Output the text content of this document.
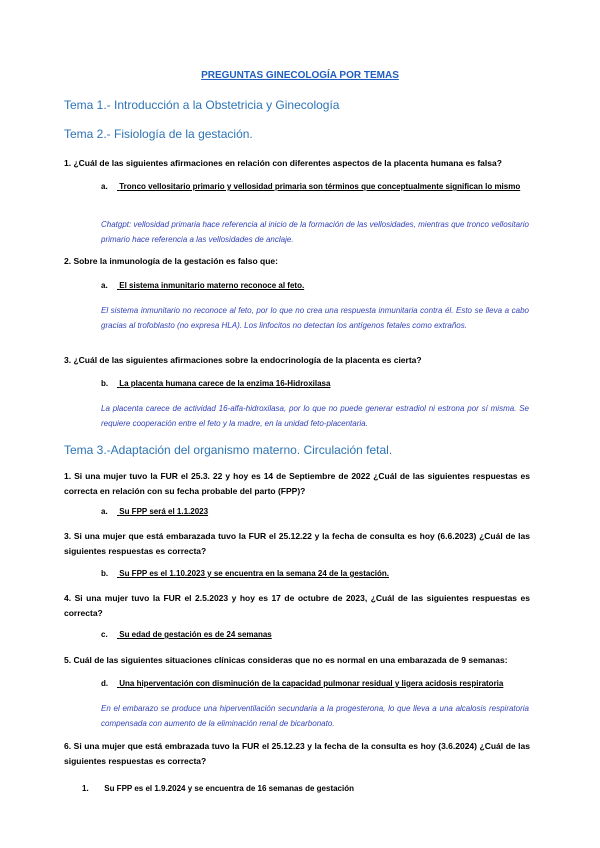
PREGUNTAS GINECOLOGÍA POR TEMAS
Tema 1.- Introducción a la Obstetricia y Ginecología
Tema 2.- Fisiología de la gestación.
1. ¿Cuál de las siguientes afirmaciones en relación con diferentes aspectos de la placenta humana es falsa?
a. Tronco vellositario primario y vellosidad primaria son términos que conceptualmente significan lo mismo
Chatgpt: vellosidad primaria hace referencia al inicio de la formación de las vellosidades, mientras que tronco vellositario primario hace referencia a las vellosidades de anclaje.
2. Sobre la inmunología de la gestación es falso que:
a. El sistema inmunitario materno reconoce al feto.
El sistema inmunitario no reconoce al feto, por lo que no crea una respuesta inmunitaria contra él. Esto se lleva a cabo gracias al trofoblasto (no expresa HLA). Los linfocitos no detectan los antígenos fetales como extraños.
3. ¿Cuál de las siguientes afirmaciones sobre la endocrinología de la placenta es cierta?
b. La placenta humana carece de la enzima 16-Hidroxilasa
La placenta carece de actividad 16-alfa-hidroxilasa, por lo que no puede generar estradiol ni estrona por sí misma. Se requiere cooperación entre el feto y la madre, en la unidad feto-placentaria.
Tema 3.-Adaptación del organismo materno. Circulación fetal.
1. Si una mujer tuvo la FUR el 25.3. 22 y hoy es 14 de Septiembre de 2022 ¿Cuál de las siguientes respuestas es correcta en relación con su fecha probable del parto (FPP)?
a. Su FPP será el 1.1.2023
3. Si una mujer que está embarazada tuvo la FUR el 25.12.22 y la fecha de consulta es hoy (6.6.2023) ¿Cuál de las siguientes respuestas es correcta?
b. Su FPP es el 1.10.2023 y se encuentra en la semana 24 de la gestación.
4. Si una mujer tuvo la FUR el 2.5.2023 y hoy es 17 de octubre de 2023, ¿Cuál de las siguientes respuestas es correcta?
c. Su edad de gestación es de 24 semanas
5. Cuál de las siguientes situaciones clínicas consideras que no es normal en una embarazada de 9 semanas:
d. Una hiperventación con disminución de la capacidad pulmonar residual y ligera acidosis respiratoria
En el embarazo se produce una hiperventilación secundaria a la progesterona, lo que lleva a una alcalosis respiratoria compensada con aumento de la eliminación renal de bicarbonato.
6. Si una mujer que está embrazada tuvo la FUR el 25.12.23 y la fecha de la consulta es hoy (3.6.2024) ¿Cuál de las siguientes respuestas es correcta?
1. Su FPP es el 1.9.2024 y se encuentra de 16 semanas de gestación
